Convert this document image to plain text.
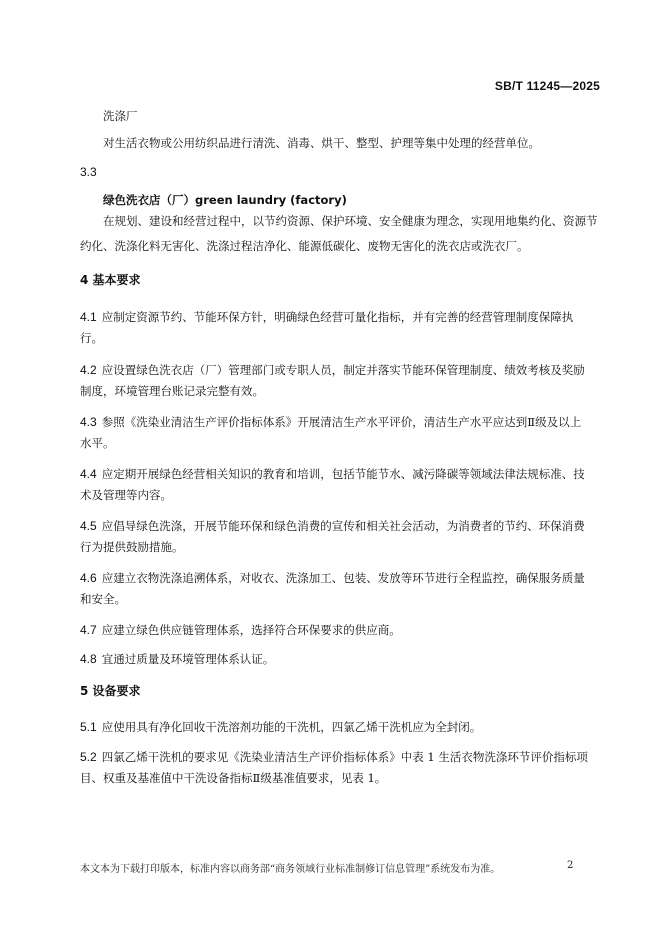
SB/T 11245—2025
洗涤厂
对生活衣物或公用纺织品进行清洗、消毒、烘干、整型、护理等集中处理的经营单位。
3.3
绿色洗衣店（厂）green laundry (factory)
在规划、建设和经营过程中，以节约资源、保护环境、安全健康为理念，实现用地集约化、资源节
约化、洗涤化料无害化、洗涤过程洁净化、能源低碳化、废物无害化的洗衣店或洗衣厂。
4 基本要求
4.1 应制定资源节约、节能环保方针，明确绿色经营可量化指标，并有完善的经营管理制度保障执
行。
4.2 应设置绿色洗衣店（厂）管理部门或专职人员，制定并落实节能环保管理制度、绩效考核及奖励
制度，环境管理台账记录完整有效。
4.3 参照《洗染业清洁生产评价指标体系》开展清洁生产水平评价，清洁生产水平应达到Ⅱ级及以上
水平。
4.4 应定期开展绿色经营相关知识的教育和培训，包括节能节水、减污降碳等领域法律法规标准、技
术及管理等内容。
4.5 应倡导绿色洗涤，开展节能环保和绿色消费的宣传和相关社会活动，为消费者的节约、环保消费
行为提供鼓励措施。
4.6 应建立衣物洗涤追溯体系，对收衣、洗涤加工、包装、发放等环节进行全程监控，确保服务质量
和安全。
4.7 应建立绿色供应链管理体系，选择符合环保要求的供应商。
4.8 宜通过质量及环境管理体系认证。
5 设备要求
5.1 应使用具有净化回收干洗溶剂功能的干洗机，四氯乙烯干洗机应为全封闭。
5.2 四氯乙烯干洗机的要求见《洗染业清洁生产评价指标体系》中表 1 生活衣物洗涤环节评价指标项
目、权重及基准值中干洗设备指标Ⅱ级基准值要求，见表 1。
本文本为下载打印版本，标准内容以商务部“商务领域行业标准制修订信息管理”系统发布为准。	2
